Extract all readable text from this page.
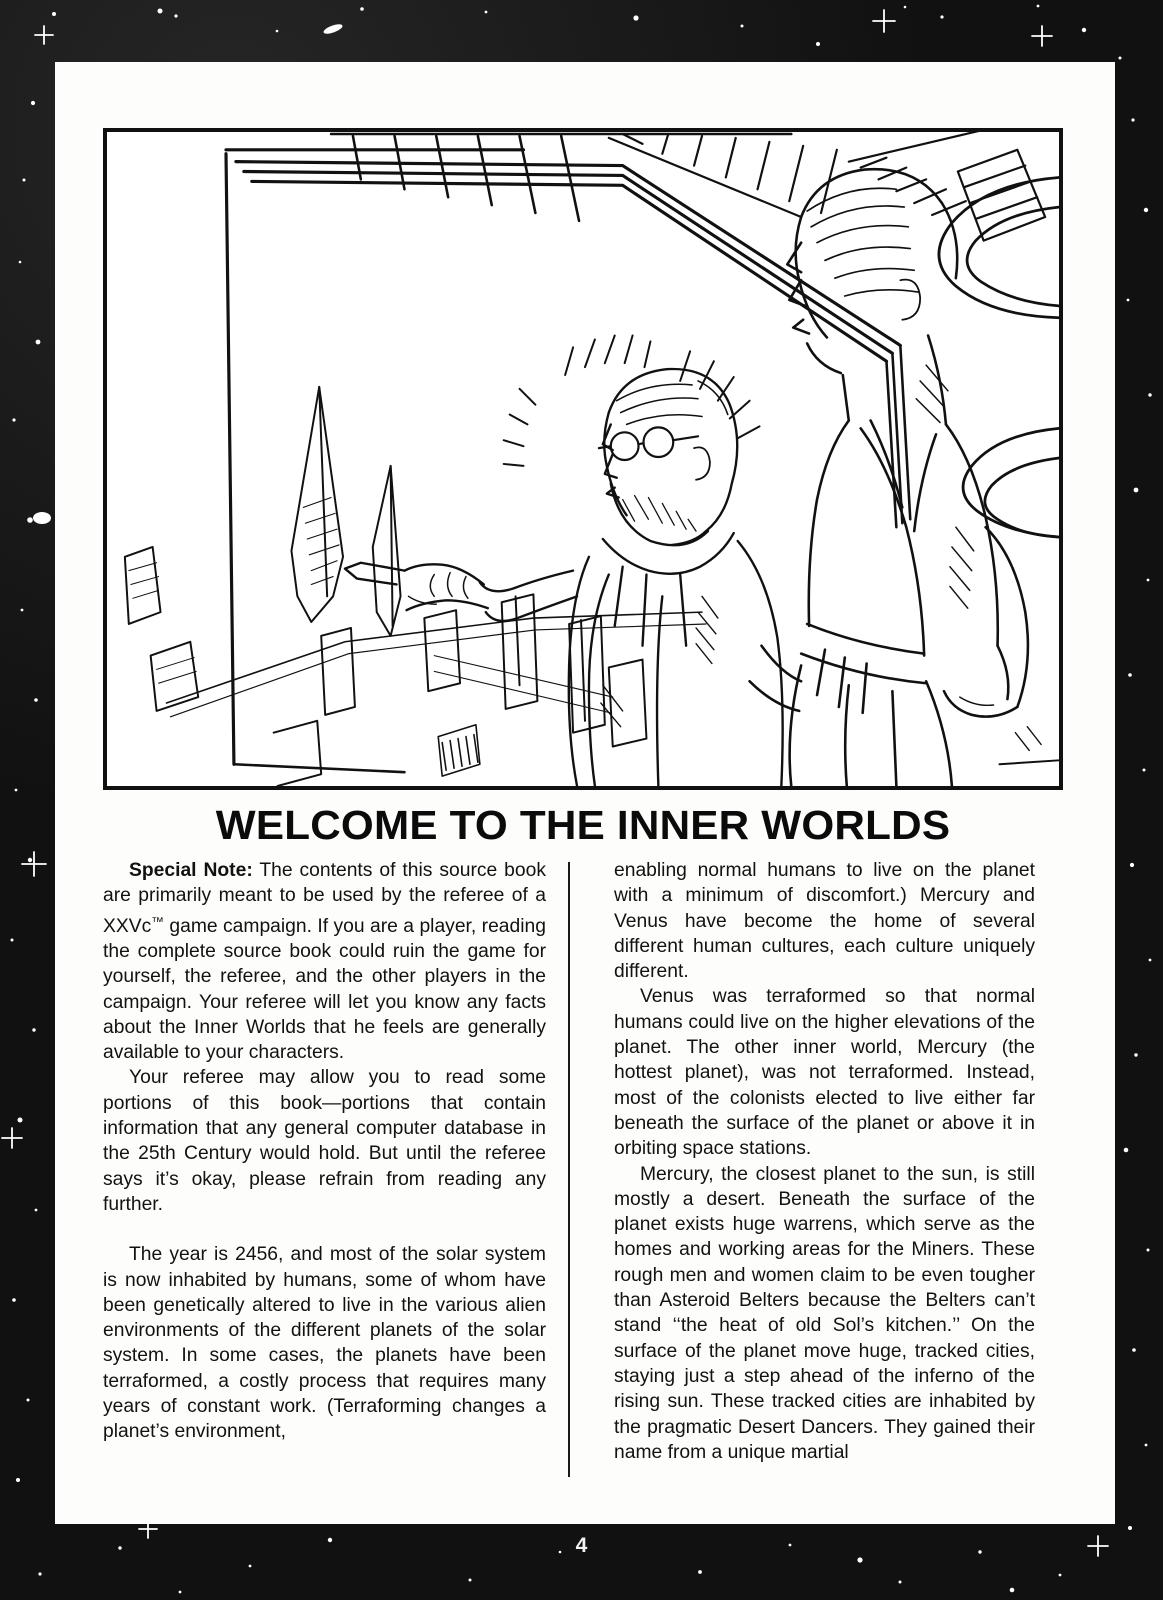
WELCOME TO THE INNER WORLDS

Special Note: The contents of this source book are primarily meant to be used by the referee of a XXVc™ game campaign. If you are a player, reading the complete source book could ruin the game for yourself, the referee, and the other players in the campaign. Your referee will let you know any facts about the Inner Worlds that he feels are generally available to your characters.

Your referee may allow you to read some portions of this book—portions that contain information that any general computer database in the 25th Century would hold. But until the referee says it’s okay, please refrain from reading any further.

The year is 2456, and most of the solar system is now inhabited by humans, some of whom have been genetically altered to live in the various alien environments of the different planets of the solar system. In some cases, the planets have been terraformed, a costly process that requires many years of constant work. (Terraforming changes a planet’s environment,

enabling normal humans to live on the planet with a minimum of discomfort.) Mercury and Venus have become the home of several different human cultures, each culture uniquely different.

Venus was terraformed so that normal humans could live on the higher elevations of the planet. The other inner world, Mercury (the hottest planet), was not terraformed. Instead, most of the colonists elected to live either far beneath the surface of the planet or above it in orbiting space stations.

Mercury, the closest planet to the sun, is still mostly a desert. Beneath the surface of the planet exists huge warrens, which serve as the homes and working areas for the Miners. These rough men and women claim to be even tougher than Asteroid Belters because the Belters can’t stand ‘‘the heat of old Sol’s kitchen.’’ On the surface of the planet move huge, tracked cities, staying just a step ahead of the inferno of the rising sun. These tracked cities are inhabited by the pragmatic Desert Dancers. They gained their name from a unique martial

4
